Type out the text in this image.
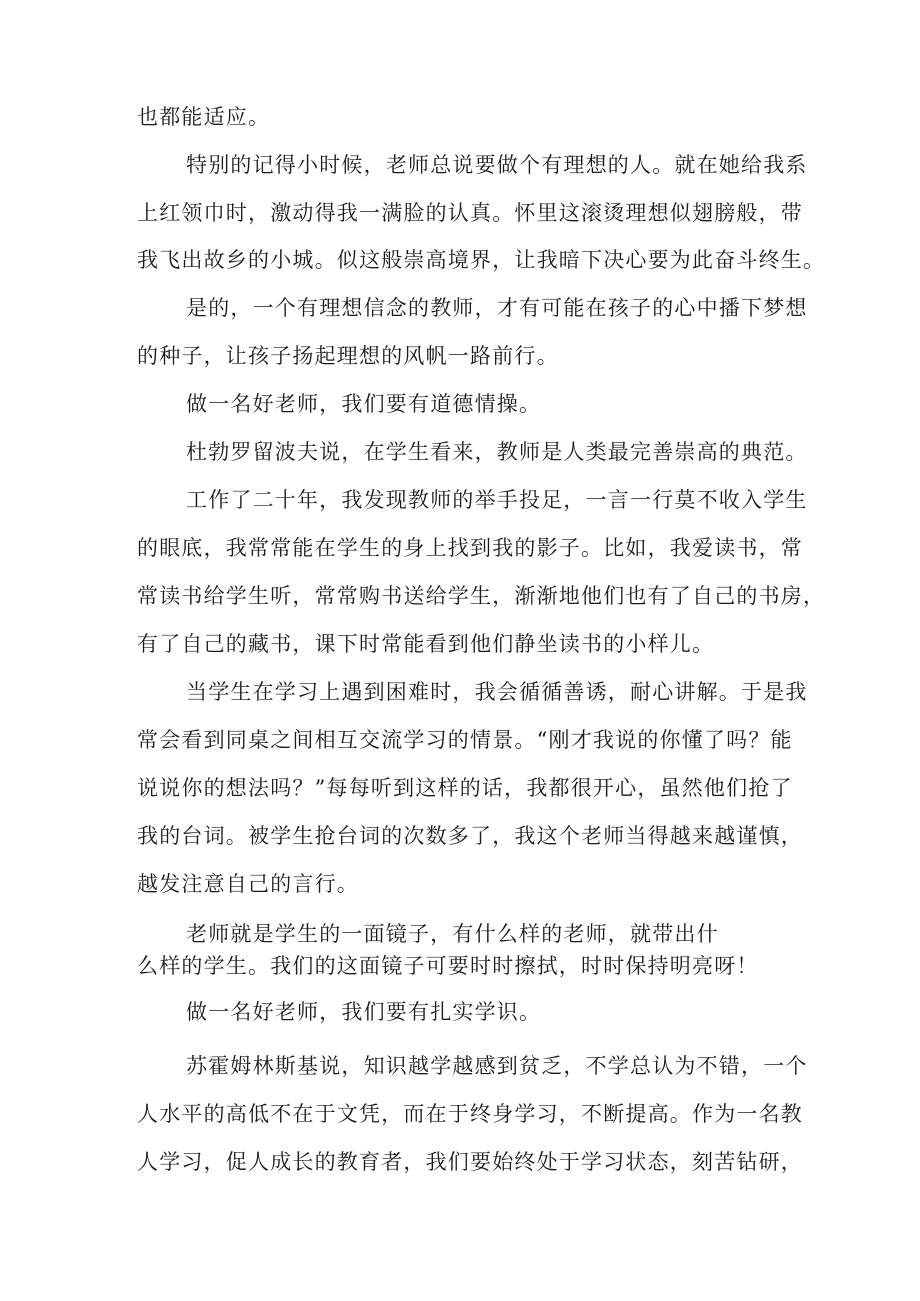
也都能适应。
特别的记得小时候，老师总说要做个有理想的人。就在她给我系
上红领巾时，激动得我一满脸的认真。怀里这滚烫理想似翅膀般，带
我飞出故乡的小城。似这般崇高境界，让我暗下决心要为此奋斗终生。
是的，一个有理想信念的教师，才有可能在孩子的心中播下梦想
的种子，让孩子扬起理想的风帆一路前行。
做一名好老师，我们要有道德情操。
杜勃罗留波夫说，在学生看来，教师是人类最完善崇高的典范。
工作了二十年，我发现教师的举手投足，一言一行莫不收入学生
的眼底，我常常能在学生的身上找到我的影子。比如，我爱读书，常
常读书给学生听，常常购书送给学生，渐渐地他们也有了自己的书房，
有了自己的藏书，课下时常能看到他们静坐读书的小样儿。
当学生在学习上遇到困难时，我会循循善诱，耐心讲解。于是我
常会看到同桌之间相互交流学习的情景。“刚才我说的你懂了吗？能
说说你的想法吗？”每每听到这样的话，我都很开心，虽然他们抢了
我的台词。被学生抢台词的次数多了，我这个老师当得越来越谨慎，
越发注意自己的言行。
老师就是学生的一面镜子，有什么样的老师，就带出什
么样的学生。我们的这面镜子可要时时擦拭，时时保持明亮呀！
做一名好老师，我们要有扎实学识。
苏霍姆林斯基说，知识越学越感到贫乏，不学总认为不错，一个
人水平的高低不在于文凭，而在于终身学习，不断提高。作为一名教
人学习，促人成长的教育者，我们要始终处于学习状态，刻苦钻研，
